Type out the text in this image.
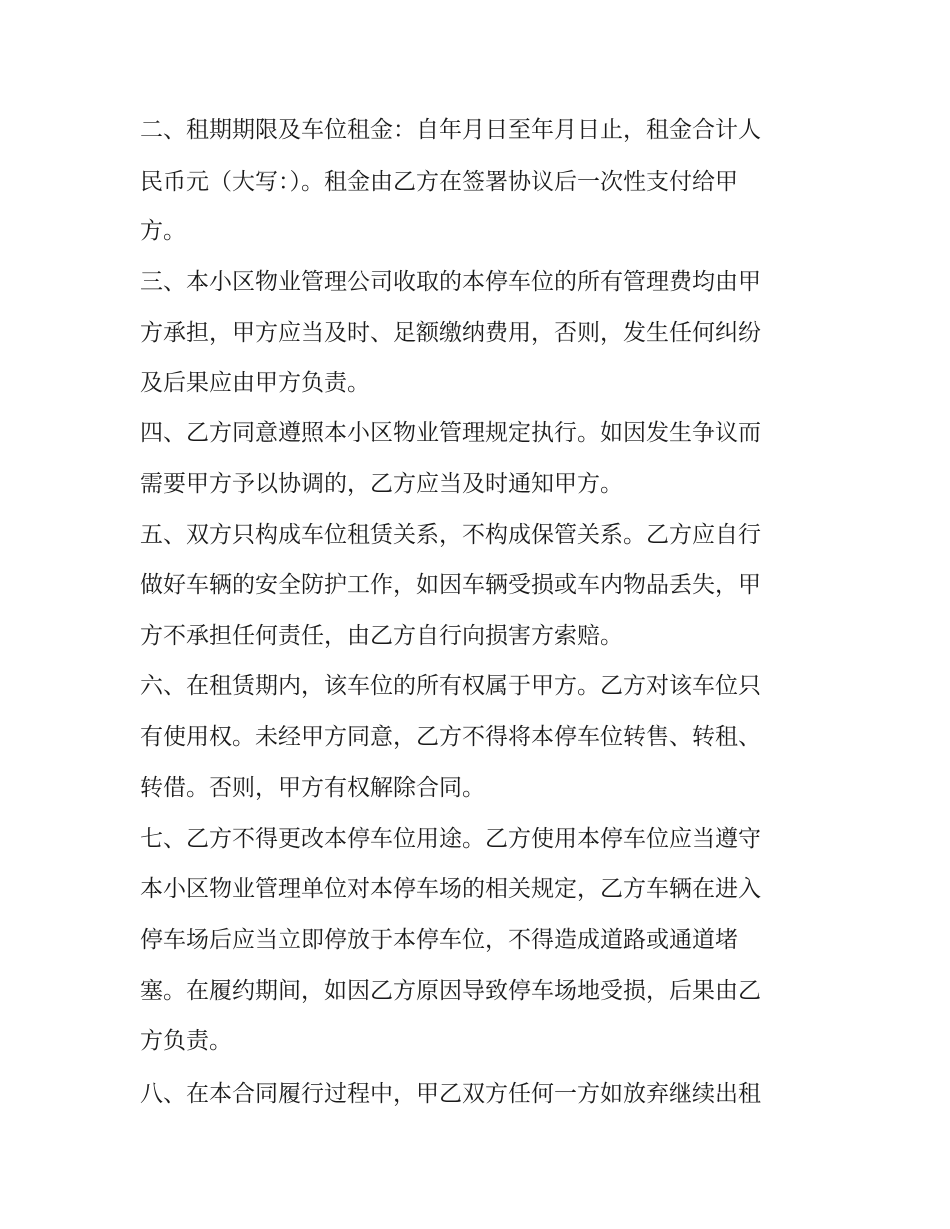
二、租期期限及车位租金：自年月日至年月日止，租金合计人
民币元（大写：）。租金由乙方在签署协议后一次性支付给甲
方。
三、本小区物业管理公司收取的本停车位的所有管理费均由甲
方承担，甲方应当及时、足额缴纳费用，否则，发生任何纠纷
及后果应由甲方负责。
四、乙方同意遵照本小区物业管理规定执行。如因发生争议而
需要甲方予以协调的，乙方应当及时通知甲方。
五、双方只构成车位租赁关系，不构成保管关系。乙方应自行
做好车辆的安全防护工作，如因车辆受损或车内物品丢失，甲
方不承担任何责任，由乙方自行向损害方索赔。
六、在租赁期内，该车位的所有权属于甲方。乙方对该车位只
有使用权。未经甲方同意，乙方不得将本停车位转售、转租、
转借。否则，甲方有权解除合同。
七、乙方不得更改本停车位用途。乙方使用本停车位应当遵守
本小区物业管理单位对本停车场的相关规定，乙方车辆在进入
停车场后应当立即停放于本停车位，不得造成道路或通道堵
塞。在履约期间，如因乙方原因导致停车场地受损，后果由乙
方负责。
八、在本合同履行过程中，甲乙双方任何一方如放弃继续出租
